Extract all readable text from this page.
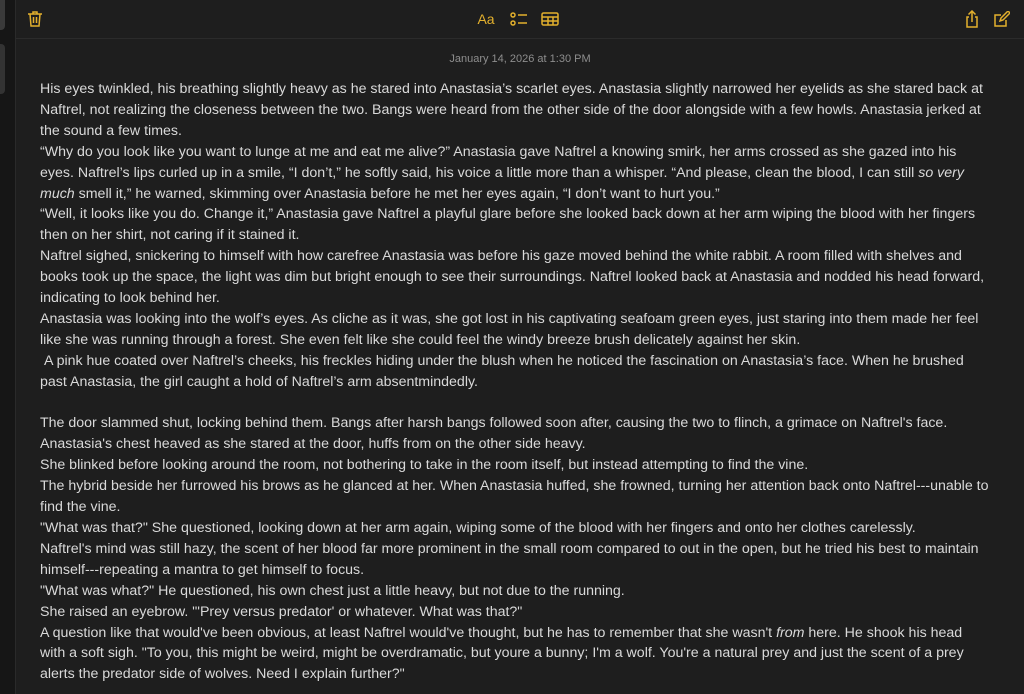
Aa
January 14, 2026 at 1:30 PM

His eyes twinkled, his breathing slightly heavy as he stared into Anastasia’s scarlet eyes. Anastasia slightly narrowed her eyelids as she stared back at Naftrel, not realizing the closeness between the two. Bangs were heard from the other side of the door alongside with a few howls. Anastasia jerked at the sound a few times.

“Why do you look like you want to lunge at me and eat me alive?” Anastasia gave Naftrel a knowing smirk, her arms crossed as she gazed into his eyes. Naftrel’s lips curled up in a smile, “I don’t,” he softly said, his voice a little more than a whisper. “And please, clean the blood, I can still so very much smell it,” he warned, skimming over Anastasia before he met her eyes again, “I don’t want to hurt you.”

“Well, it looks like you do. Change it,” Anastasia gave Naftrel a playful glare before she looked back down at her arm wiping the blood with her fingers then on her shirt, not caring if it stained it.

Naftrel sighed, snickering to himself with how carefree Anastasia was before his gaze moved behind the white rabbit. A room filled with shelves and books took up the space, the light was dim but bright enough to see their surroundings. Naftrel looked back at Anastasia and nodded his head forward, indicating to look behind her.

Anastasia was looking into the wolf’s eyes. As cliche as it was, she got lost in his captivating seafoam green eyes, just staring into them made her feel like she was running through a forest. She even felt like she could feel the windy breeze brush delicately against her skin.

A pink hue coated over Naftrel’s cheeks, his freckles hiding under the blush when he noticed the fascination on Anastasia’s face. When he brushed past Anastasia, the girl caught a hold of Naftrel’s arm absentmindedly.

The door slammed shut, locking behind them. Bangs after harsh bangs followed soon after, causing the two to flinch, a grimace on Naftrel's face. Anastasia's chest heaved as she stared at the door, huffs from on the other side heavy.

She blinked before looking around the room, not bothering to take in the room itself, but instead attempting to find the vine.

The hybrid beside her furrowed his brows as he glanced at her. When Anastasia huffed, she frowned, turning her attention back onto Naftrel---unable to find the vine.

"What was that?" She questioned, looking down at her arm again, wiping some of the blood with her fingers and onto her clothes carelessly.

Naftrel's mind was still hazy, the scent of her blood far more prominent in the small room compared to out in the open, but he tried his best to maintain himself---repeating a mantra to get himself to focus.

"What was what?" He questioned, his own chest just a little heavy, but not due to the running.

She raised an eyebrow. "'Prey versus predator' or whatever. What was that?"

A question like that would've been obvious, at least Naftrel would've thought, but he has to remember that she wasn't from here. He shook his head with a soft sigh. "To you, this might be weird, might be overdramatic, but youre a bunny; I'm a wolf. You're a natural prey and just the scent of a prey alerts the predator side of wolves. Need I explain further?"
